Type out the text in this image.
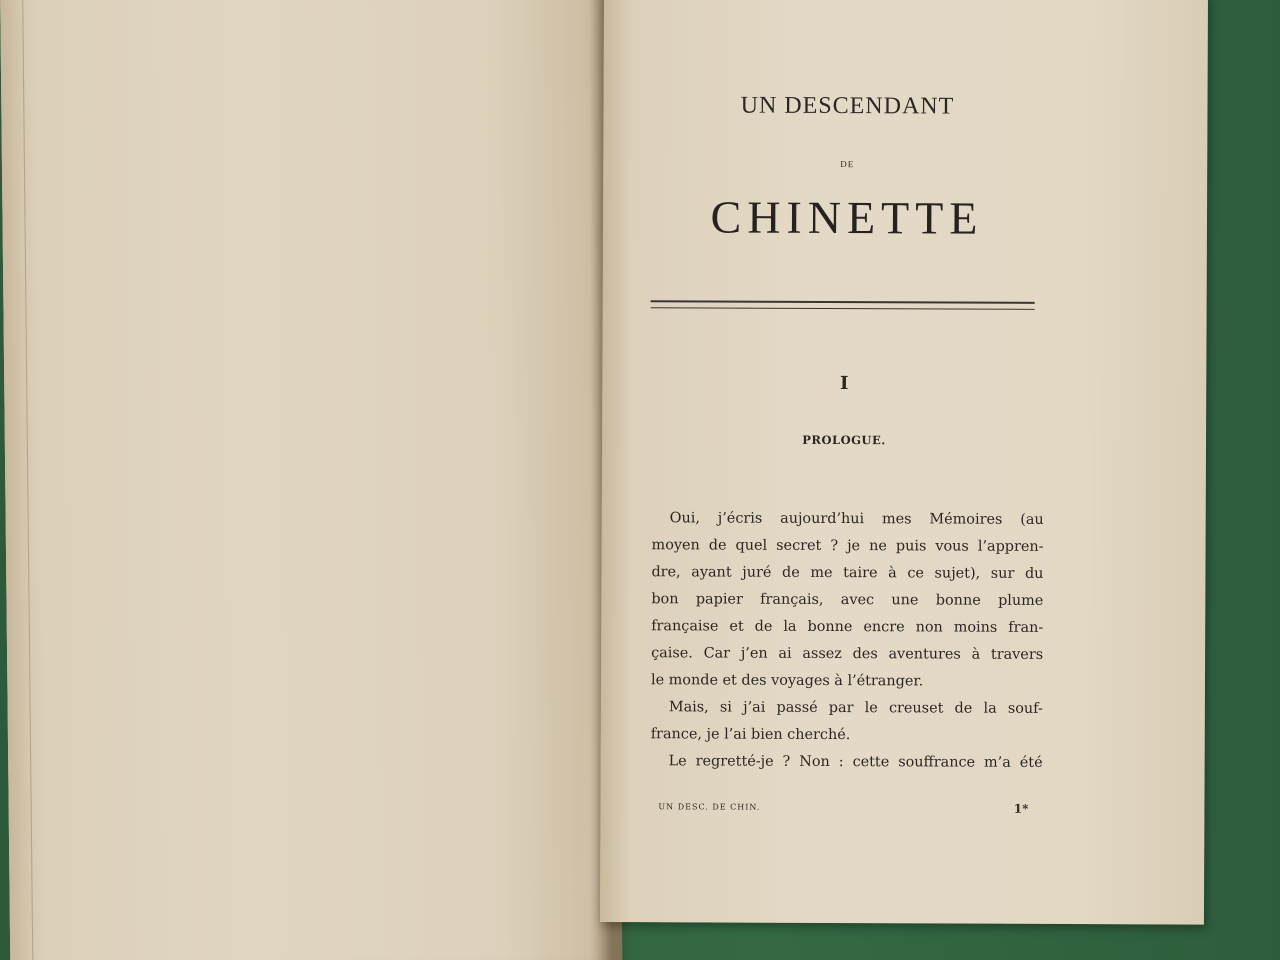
UN DESCENDANT
DE
CHINETTE
I
PROLOGUE.
Oui, j’écris aujourd’hui mes Mémoires (au
moyen de quel secret ? je ne puis vous l’appren-
dre, ayant juré de me taire à ce sujet), sur du
bon papier français, avec une bonne plume
française et de la bonne encre non moins fran-
çaise. Car j’en ai assez des aventures à travers
le monde et des voyages à l’étranger.
Mais, si j’ai passé par le creuset de la souf-
france, je l’ai bien cherché.
Le regretté-je ? Non : cette souffrance m’a été
UN DESC. DE CHIN.	1*
